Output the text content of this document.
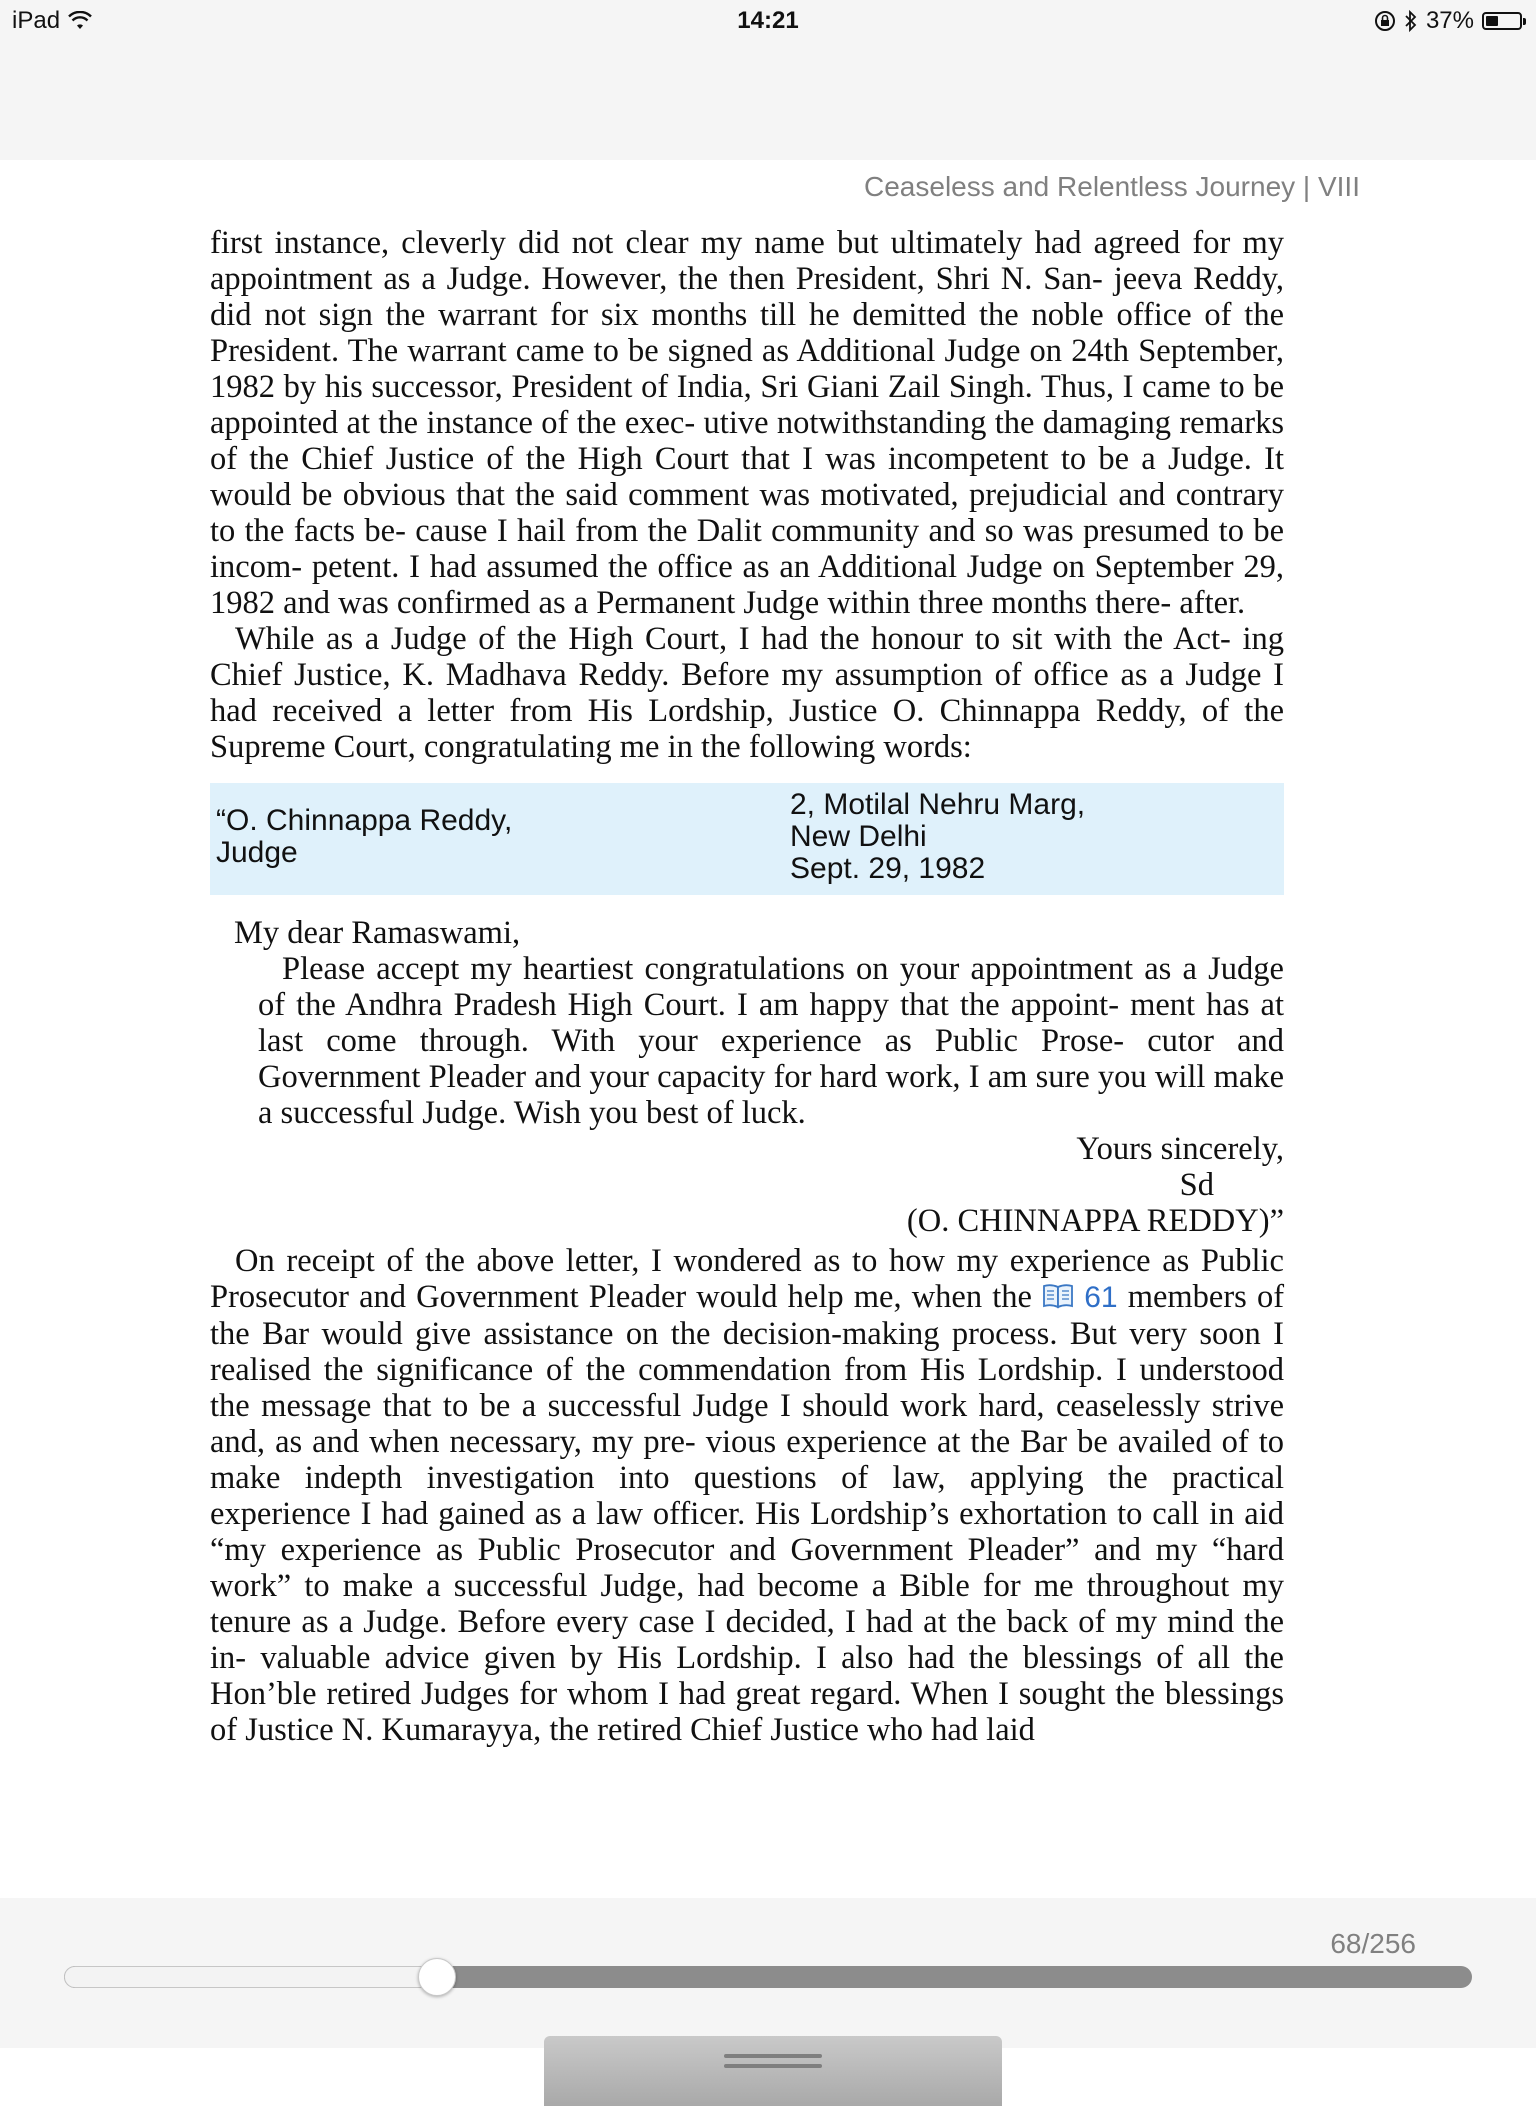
iPad	14:21	37%
Ceaseless and Relentless Journey | VIII

first instance, cleverly did not clear my name but ultimately had agreed for my appointment as a Judge. However, the then President, Shri N. San- jeeva Reddy, did not sign the warrant for six months till he demitted the noble office of the President. The warrant came to be signed as Additional Judge on 24th September, 1982 by his successor, President of India, Sri Giani Zail Singh. Thus, I came to be appointed at the instance of the exec- utive notwithstanding the damaging remarks of the Chief Justice of the High Court that I was incompetent to be a Judge. It would be obvious that the said comment was motivated, prejudicial and contrary to the facts be- cause I hail from the Dalit community and so was presumed to be incom- petent. I had assumed the office as an Additional Judge on September 29, 1982 and was confirmed as a Permanent Judge within three months there- after.

While as a Judge of the High Court, I had the honour to sit with the Act- ing Chief Justice, K. Madhava Reddy. Before my assumption of office as a Judge I had received a letter from His Lordship, Justice O. Chinnappa Reddy, of the Supreme Court, congratulating me in the following words:

“O. Chinnappa Reddy,
Judge
2, Motilal Nehru Marg,
New Delhi
Sept. 29, 1982

My dear Ramaswami,

Please accept my heartiest congratulations on your appointment as a Judge of the Andhra Pradesh High Court. I am happy that the appoint- ment has at last come through. With your experience as Public Prose- cutor and Government Pleader and your capacity for hard work, I am sure you will make a successful Judge. Wish you best of luck.

Yours sincerely,

Sd

(O. CHINNAPPA REDDY)”

On receipt of the above letter, I wondered as to how my experience as Public Prosecutor and Government Pleader would help me, when the 61 members of the Bar would give assistance on the decision-making process. But very soon I realised the significance of the commendation from His Lordship. I understood the message that to be a successful Judge I should work hard, ceaselessly strive and, as and when necessary, my pre- vious experience at the Bar be availed of to make indepth investigation into questions of law, applying the practical experience I had gained as a law officer. His Lordship’s exhortation to call in aid “my experience as Public Prosecutor and Government Pleader” and my “hard work” to make a successful Judge, had become a Bible for me throughout my tenure as a Judge. Before every case I decided, I had at the back of my mind the in- valuable advice given by His Lordship. I also had the blessings of all the Hon’ble retired Judges for whom I had great regard. When I sought the blessings of Justice N. Kumarayya, the retired Chief Justice who had laid

68/256
